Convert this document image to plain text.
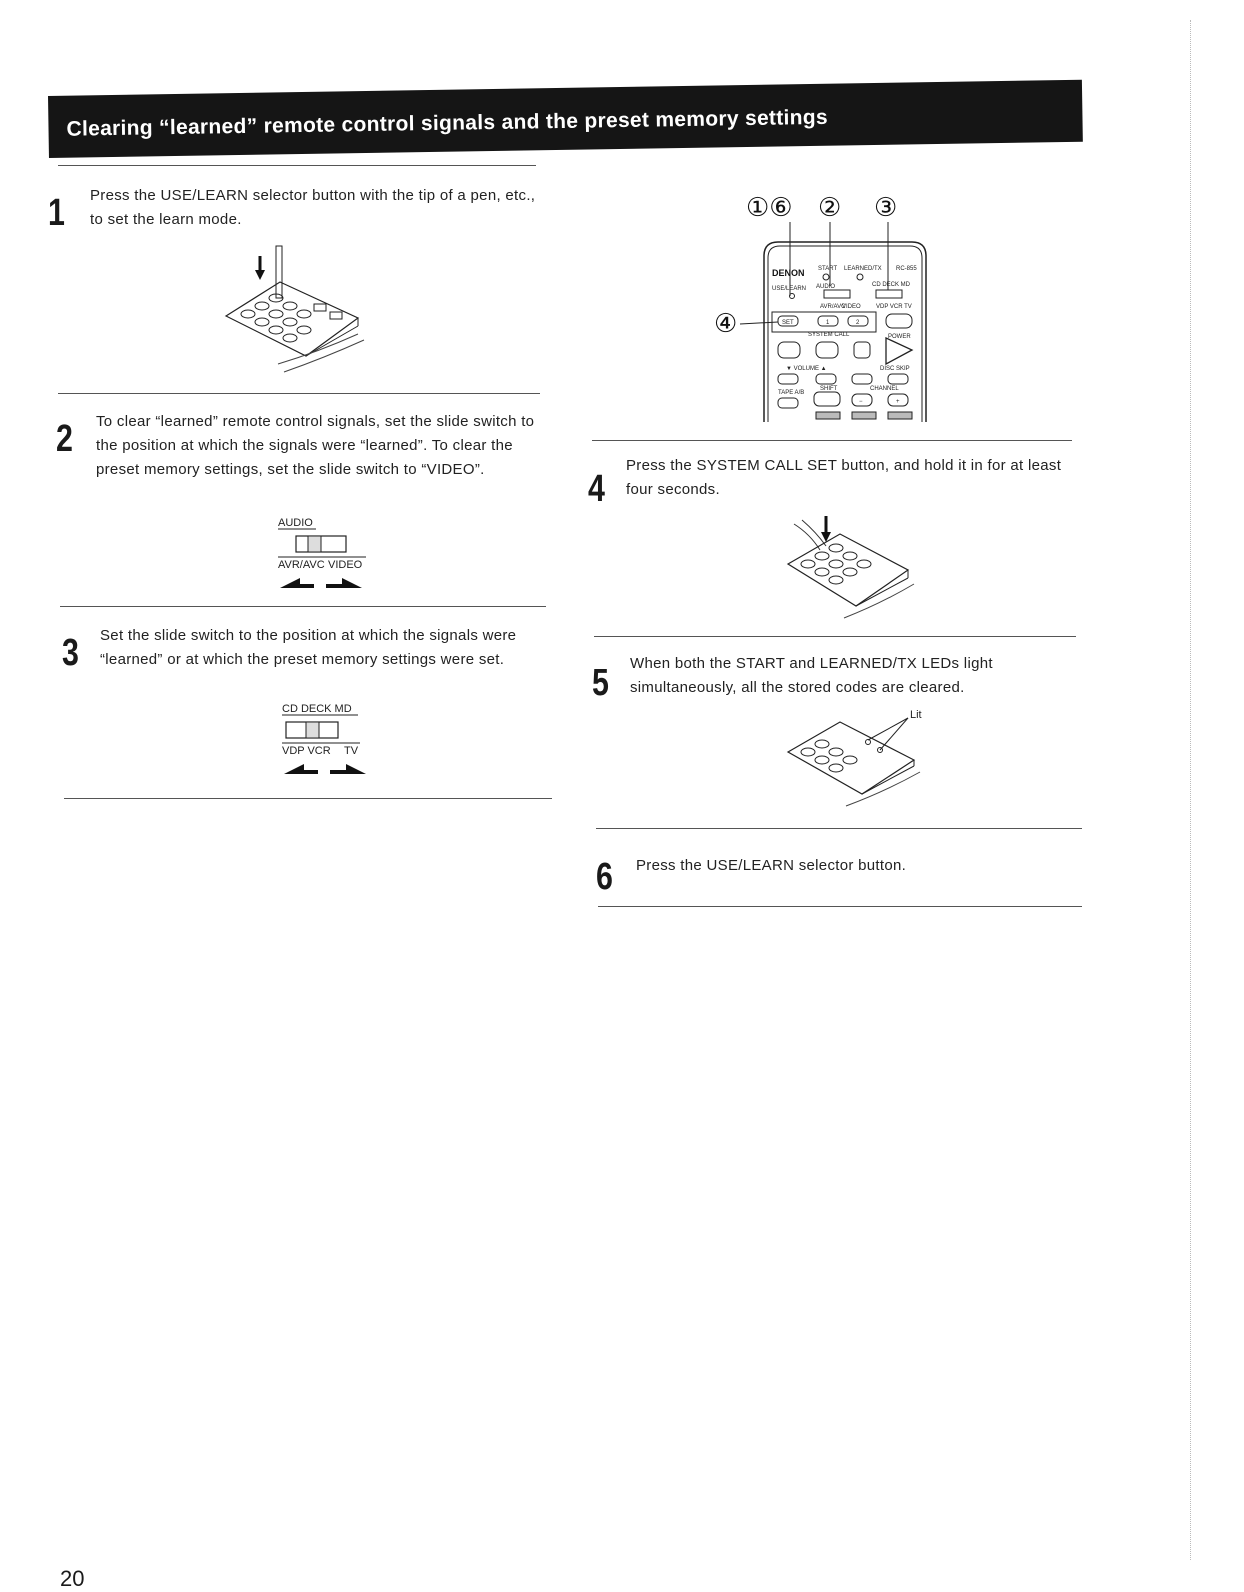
Clearing “learned” remote control signals and the preset memory settings
1 Press the USE/LEARN selector button with the tip of a pen, etc., to set the learn mode.
2 To clear “learned” remote control signals, set the slide switch to the position at which the signals were “learned”. To clear the preset memory settings, set the slide switch to “VIDEO”.
AUDIO
AVR/AVC VIDEO
3 Set the slide switch to the position at which the signals were “learned” or at which the preset memory settings were set.
CD DECK MD
VDP VCR TV
①⑥ ② ③
④
DENON	RC-855
START LEARNED/TX
USE/LEARN AUDIO	CD DECK MD
AVR/AVC
VIDEO	VDP VCR TV
SET	1	2
SYSTEM CALL	POWER
▼ VOLUME ▲	DISC SKIP
TAPE A/B
SHIFT	CHANNEL
−	+
4
Press the SYSTEM CALL SET button, and hold it in for at least four seconds.
5 When both the START and LEARNED/TX LEDs light simultaneously, all the stored codes are cleared.
Lit
6 Press the USE/LEARN selector button.
20
